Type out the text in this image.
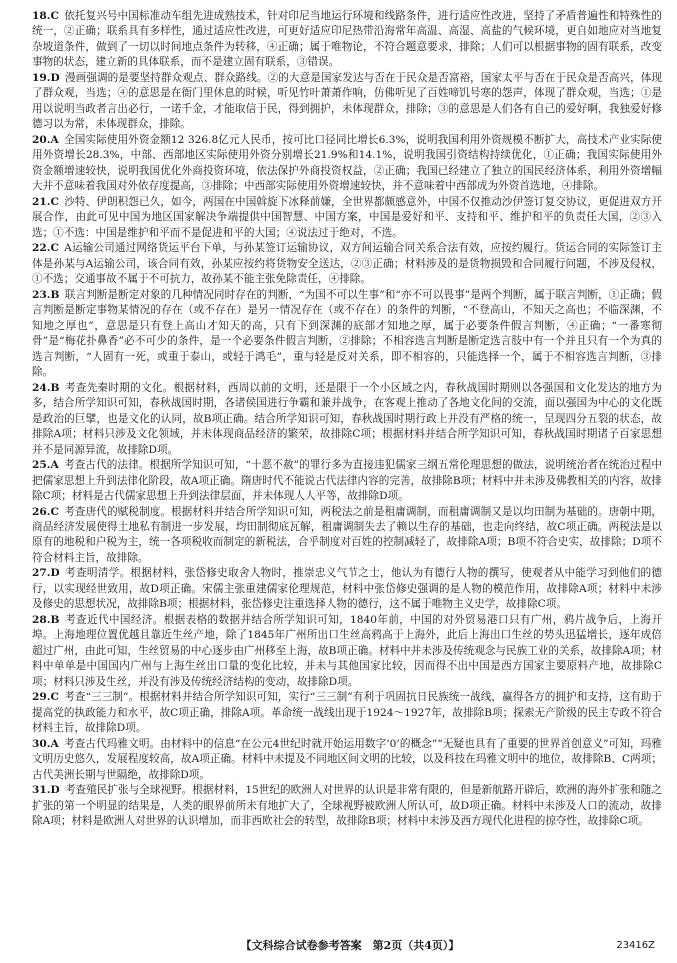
18.C  依托复兴号中国标准动车组先进成熟技术，针对印尼当地运行环境和线路条件，进行适应性改进，坚持了矛盾普遍性和特殊性的统一，②正确；联系具有多样性，通过适应性改进，可更好适应印尼热带沿海常年高温、高湿、高盐的气候环境，更自如地应对当地复杂坡道条件，做到了一切以时间地点条件为转移，④正确；属于唯物论，不符合题意要求，排除；人们可以根据事物的固有联系，改变事物的状态，建立新的具体联系，而不是建立固有联系，③错误。

19.D  漫画强调的是要坚持群众观点、群众路线。②的大意是国家发达与否在于民众是否富裕，国家太平与否在于民众是否高兴，体现了群众观，当选；④的意思是在衙门里休息的时候，听见竹叶萧萧作响，仿佛听见了百姓啼饥号寒的怨声，体现了群众观，当选；①是用以说明当政者言出必行，一诺千金，才能取信于民，得到拥护，未体现群众，排除；③的意思是人们各有自己的爱好啊，我独爱好修德习以为常，未体现群众，排除。

20.A  全国实际使用外资金额12 326.8亿元人民币，按可比口径同比增长6.3%，说明我国利用外资规模不断扩大，高技术产业实际使用外资增长28.3%，中部、西部地区实际使用外资分别增长21.9%和14.1%，说明我国引资结构持续优化，①正确；我国实际使用外资金额增速较快，说明我国优化外商投资环境，依法保护外商投资权益，②正确；我国已经建立了独立的国民经济体系，利用外资增幅大并不意味着我国对外依存度提高，③排除；中西部实际使用外资增速较快，并不意味着中西部成为外资首选地，④排除。

21.C  沙特、伊朗积怨已久，如今，两国在中国斡旋下冰释前嫌，全世界都颇感意外，中国不仅推动沙伊签订复交协议，更促进双方开展合作，由此可见中国为地区国家解决争端提供中国智慧、中国方案，中国是爱好和平、支持和平、维护和平的负责任大国，②③入选；①不选：中国是维护和平而不是促进和平的大国；④说法过于绝对，不选。

22.C  A运输公司通过网络货运平台下单，与孙某签订运输协议，双方间运输合同关系合法有效，应按约履行。货运合同的实际签订主体是孙某与A运输公司，该合同有效，孙某应按约将货物安全送达，②③正确；材料涉及的是货物损毁和合同履行问题，不涉及侵权，①不选；交通事故不属于不可抗力，故孙某不能主张免除责任，④排除。

23.B  联言判断是断定对象的几种情况同时存在的判断，“为国不可以生事”和“亦不可以畏事”是两个判断，属于联言判断，①正确；假言判断是断定事物某情况的存在（或不存在）是另一情况存在（或不存在）的条件的判断，“不登高山，不知天之高也；不临深渊，不知地之厚也”，意思是只有登上高山才知天的高，只有下到深渊的底部才知地之厚，属于必要条件假言判断，④正确；“一番寒彻骨”是“梅花扑鼻香”必不可少的条件，是一个必要条件假言判断，②排除；不相容选言判断是断定选言肢中有一个并且只有一个为真的选言判断，“人固有一死，或重于泰山，或轻于鸿毛”，重与轻是反对关系，即不相容的，只能选择一个，属于不相容选言判断，③排除。

24.B  考查先秦时期的文化。根据材料，西周以前的文明，还是限于一个小区域之内，春秋战国时期则以各强国和文化发达的地方为多，结合所学知识可知，春秋战国时期，各诸侯国进行争霸和兼并战争，在客观上推动了各地文化间的交流，面以强国为中心的文化既是政治的巨擘，也是文化的认同，故B项正确。结合所学知识可知，春秋战国时期行政上并没有严格的统一，呈现四分五裂的状态，故排除A项；材料只涉及文化领域，并未体现商品经济的繁荣，故排除C项；根据材料并结合所学知识可知，春秋战国时期诸子百家思想并不是同源异流，故排除D项。

25.A  考查古代的法律。根据所学知识可知，“十恶不赦”的罪行多为直接违犯儒家三纲五常伦理思想的做法，说明统治者在统治过程中把儒家思想上升到法律化阶段，故A项正确。隋唐时代不能说古代法律内容的完善，故排除B项；材料中并未涉及佛教相关的内容，故排除C项；材料是古代儒家思想上升到法律层面，并未体现人人平等，故排除D项。

26.C  考查唐代的赋税制度。根据材料并结合所学知识可知，两税法之前是租庸调制，而租庸调制又是以均田制为基础的。唐朝中期，商品经济发展使得土地私有制进一步发展，均田制彻底瓦解，租庸调制失去了赖以生存的基础，也走向终结，故C项正确。两税法是以原有的地税和户税为主，统一各项税收而制定的新税法，合乎制度对百姓的控制减轻了，故排除A项；B项不符合史实，故排除；D项不符合材料主旨，故排除。

27.D  考查明清学。根据材料，张岱修史取舍人物时，推崇忠义气节之士，他认为有德行人物的撰写，使观者从中能学习到他们的德行，以实现经世致用，故D项正确。宋儒主张重建儒家伦理规范，材料中张岱修史强调的是人物的模范作用，故排除A项；材料中未涉及修史的思想状况，故排除B项；根据材料，张岱修史注重选择人物的德行，这不属于唯物主义史学，故排除C项。

28.B  考查近代中国经济。根据表格的数据并结合所学知识可知，1840年前，中国的对外贸易港口只有广州，鸦片战争后，上海开埠。上海地理位置优越且靠近生丝产地，除了1845年广州所出口生丝高鸦高于上海外，此后上海出口生丝的势头迅猛增长，逐年成倍超过广州，由此可知，生丝贸易的中心逐步由广州移至上海，故B项正确。材料中并未涉及传统观念与民族工业的关系，故排除A项；材料中单单是中国国内广州与上海生丝出口量的变化比较，并未与其他国家比较，因而得不出中国是西方国家主要原料产地，故排除C项；材料只涉及生丝，并没有涉及传统经济结构的变动，故排除D项。

29.C  考查“三三制”。根据材料并结合所学知识可知，实行“三三制”有利于巩固抗日民族统一战线，赢得各方的拥护和支持，这有助于提高党的执政能力和水平，故C项正确，排除A项。革命统一战线出现于1924～1927年，故排除B项；探索无产阶级的民主专政不符合材料主旨，故排除D项。

30.A  考查古代玛雅文明。由材料中的信息“在公元4世纪时就开始运用数字‘0’的概念”“无疑也具有了重要的世界首创意义”可知，玛雅文明历史悠久，发展程度较高，故A项正确。材料中未提及不同地区间文明的比较，以及科技在玛雅文明中的地位，故排除B、C两项；古代美洲长期与世隔绝，故排除D项。

31.D  考查殖民扩张与全球视野。根据材料，15世纪的欧洲人对世界的认识是非常有限的，但是新航路开辟后，欧洲的海外扩张和随之扩张的第一个明显的结果是，人类的眼界前所未有地扩大了，全球视野被欧洲人所认可，故D项正确。材料中未涉及人口的流动，故排除A项；材料是欧洲人对世界的认识增加，而非西欧社会的转型，故排除B项；材料中未涉及西方现代化进程的掠夺性，故排除C项。

【文科综合试卷参考答案　第2页（共4页）】	23416Z
